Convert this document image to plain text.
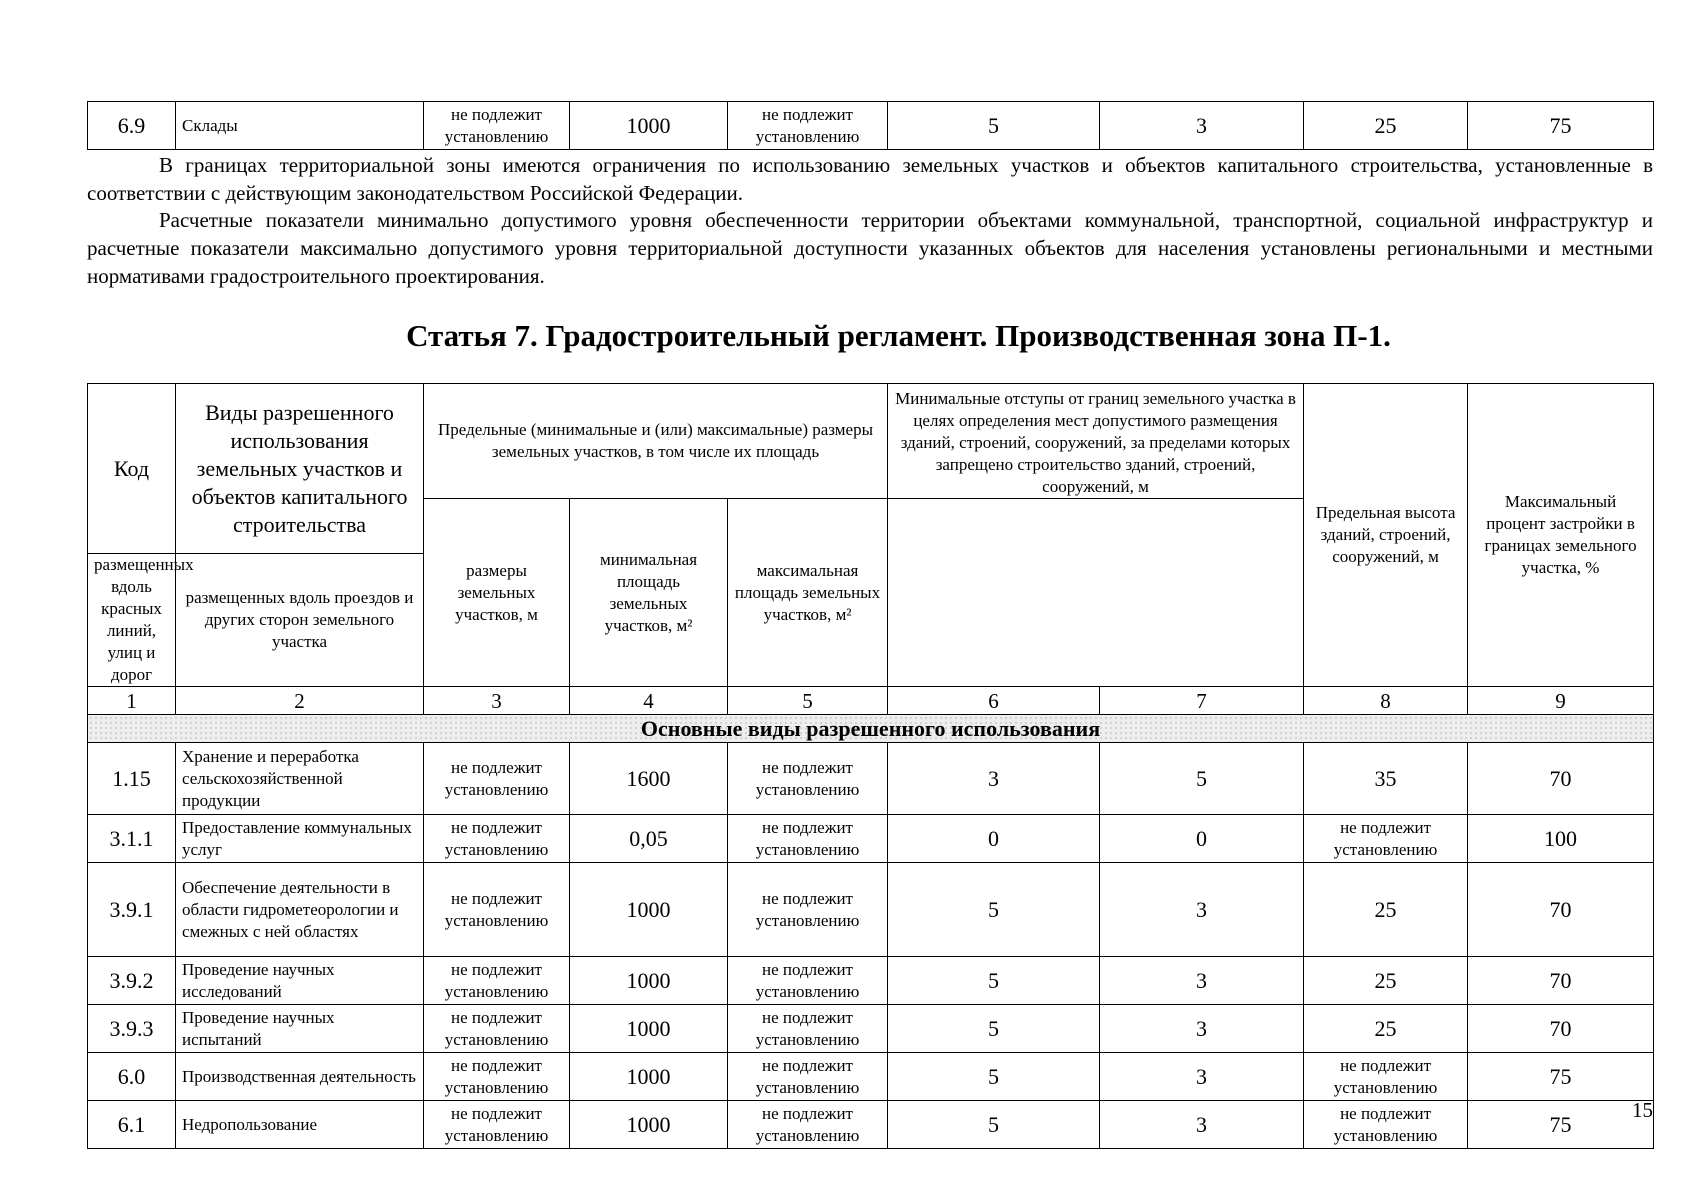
6.9	Склады	не подлежит установлению	1000	не подлежит установлению	5	3	25	75
В границах территориальной зоны имеются ограничения по использованию земельных участков и объектов капитального строительства, установленные в соответствии с действующим законодательством Российской Федерации.
Расчетные показатели минимально допустимого уровня обеспеченности территории объектами коммунальной, транспортной, социальной инфраструктур и расчетные показатели максимально допустимого уровня территориальной доступности указанных объектов для населения установлены региональными и местными нормативами градостроительного проектирования.
Статья 7. Градостроительный регламент. Производственная зона П-1.
Код	Виды разрешенного использования земельных участков и объектов капитального строительства	Предельные (минимальные и (или) максимальные) размеры земельных участков, в том числе их площадь			Минимальные отступы от границ земельного участка в целях определения мест допустимого размещения зданий, строений, сооружений, за пределами которых запрещено строительство зданий, строений, сооружений, м		Предельная высота зданий, строений, сооружений, м	Максимальный процент застройки в границах земельного участка, %
		размеры земельных участков, м	минимальная площадь земельных участков, м²	максимальная площадь земельных участков, м²				
размещенных вдоль красных линий, улиц и дорог	размещенных вдоль проездов и других сторон земельного участка							
1	2	3	4	5	6	7	8	9
Основные виды разрешенного использования								
1.15	Хранение и переработка сельскохозяйственной продукции	не подлежит установлению	1600	не подлежит установлению	3	5	35	70
3.1.1	Предоставление коммунальных услуг	не подлежит установлению	0,05	не подлежит установлению	0	0	не подлежит установлению	100
3.9.1	Обеспечение деятельности в области гидрометеорологии и смежных с ней областях	не подлежит установлению	1000	не подлежит установлению	5	3	25	70
3.9.2	Проведение научных исследований	не подлежит установлению	1000	не подлежит установлению	5	3	25	70
3.9.3	Проведение научных испытаний	не подлежит установлению	1000	не подлежит установлению	5	3	25	70
6.0	Производственная деятельность	не подлежит установлению	1000	не подлежит установлению	5	3	не подлежит установлению	75
6.1	Недропользование	не подлежит установлению	1000	не подлежит установлению	5	3	не подлежит установлению	75
15
